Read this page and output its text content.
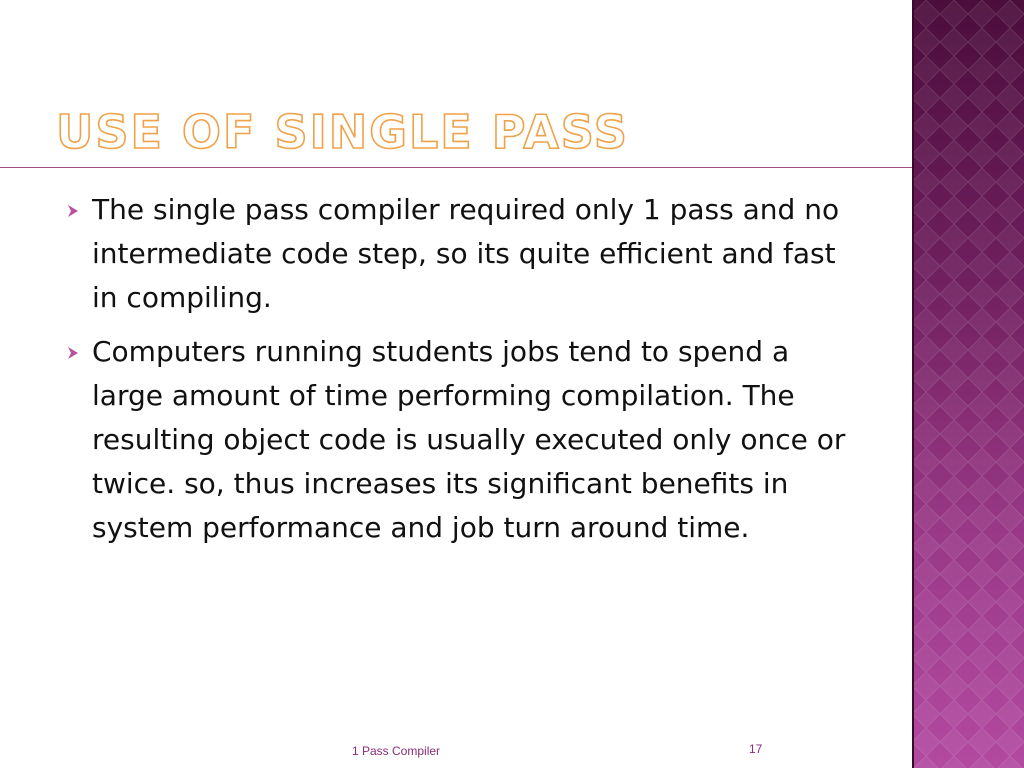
USE OF SINGLE PASS
The single pass compiler required only 1 pass and no intermediate code step, so its quite efficient and fast in compiling.
Computers running students jobs tend to spend a large amount of time performing compilation. The resulting object code is usually executed only once or twice. so, thus increases its significant benefits in system performance and job turn around time.
1 Pass Compiler	17
